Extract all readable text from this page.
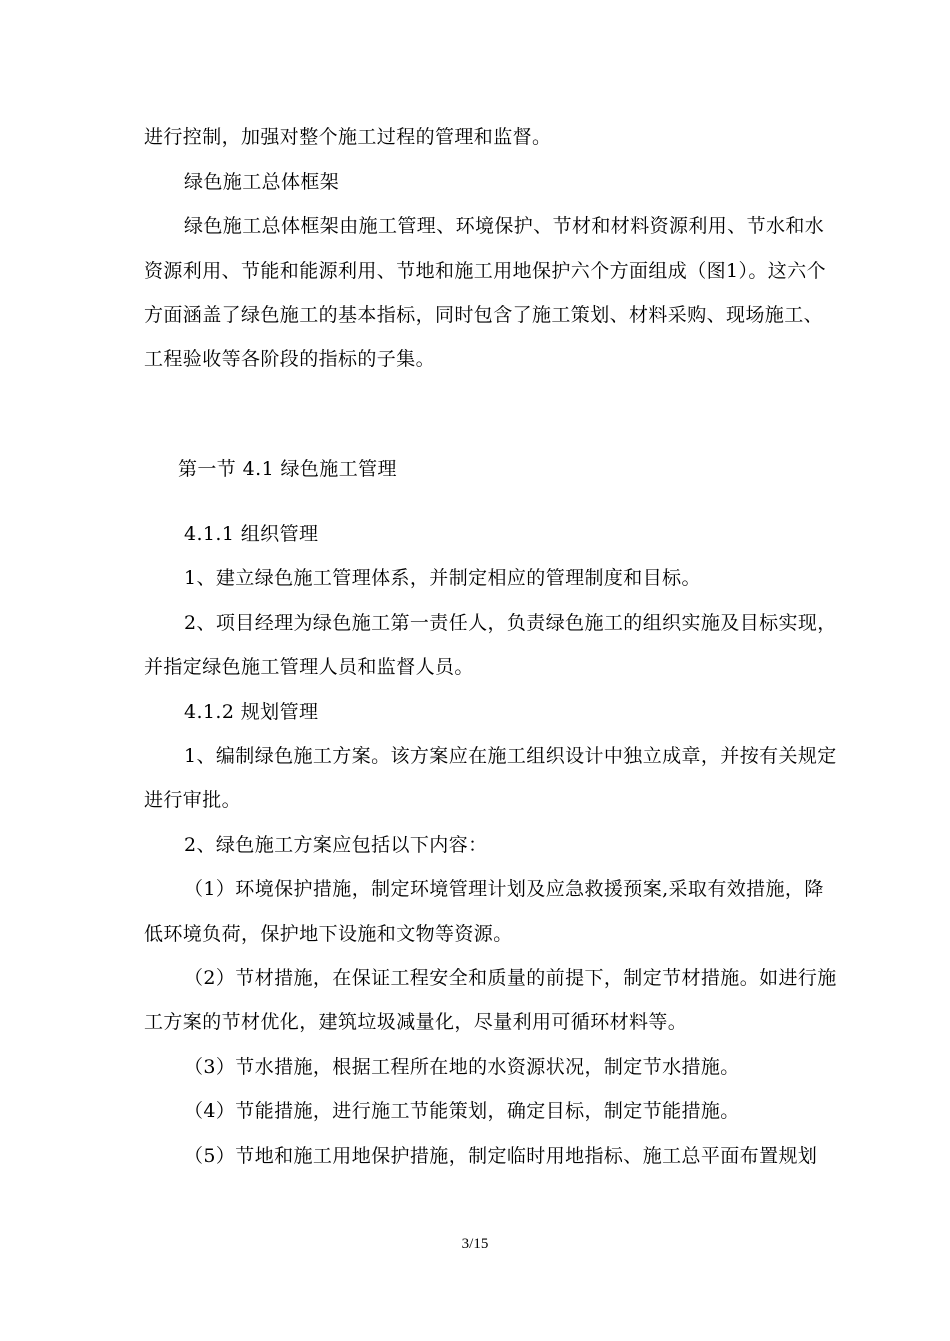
进行控制，加强对整个施工过程的管理和监督。
绿色施工总体框架
绿色施工总体框架由施工管理、环境保护、节材和材料资源利用、节水和水
资源利用、节能和能源利用、节地和施工用地保护六个方面组成（图1）。这六个
方面涵盖了绿色施工的基本指标，同时包含了施工策划、材料采购、现场施工、
工程验收等各阶段的指标的子集。
第一节 4.1 绿色施工管理
4.1.1 组织管理
1、建立绿色施工管理体系，并制定相应的管理制度和目标。
2、项目经理为绿色施工第一责任人，负责绿色施工的组织实施及目标实现，
并指定绿色施工管理人员和监督人员。
4.1.2 规划管理
1、编制绿色施工方案。该方案应在施工组织设计中独立成章，并按有关规定
进行审批。
2、绿色施工方案应包括以下内容：
（1）环境保护措施，制定环境管理计划及应急救援预案,采取有效措施，降
低环境负荷，保护地下设施和文物等资源。
（2）节材措施，在保证工程安全和质量的前提下，制定节材措施。如进行施
工方案的节材优化，建筑垃圾减量化，尽量利用可循环材料等。
（3）节水措施，根据工程所在地的水资源状况，制定节水措施。
（4）节能措施，进行施工节能策划，确定目标，制定节能措施。
（5）节地和施工用地保护措施，制定临时用地指标、施工总平面布置规划
3/15
